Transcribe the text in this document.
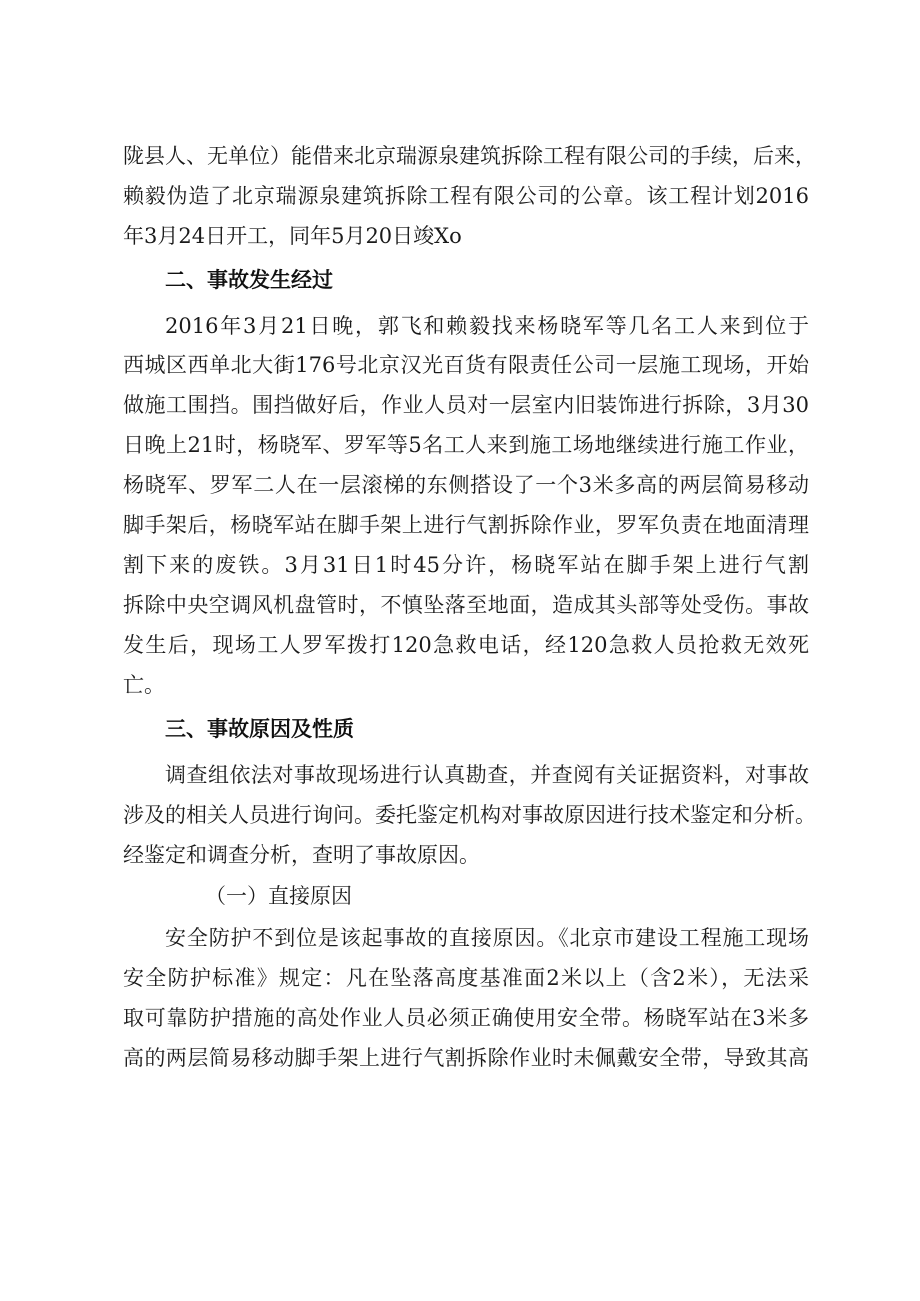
陇县人、无单位）能借来北京瑞源泉建筑拆除工程有限公司的手续，后来，

赖毅伪造了北京瑞源泉建筑拆除工程有限公司的公章。该工程计划2016

年3月24日开工，同年5月20日竣Xo

二、事故发生经过

2016年3月21日晚，郭飞和赖毅找来杨晓军等几名工人来到位于

西城区西单北大街176号北京汉光百货有限责任公司一层施工现场，开始

做施工围挡。围挡做好后，作业人员对一层室内旧装饰进行拆除，3月30

日晚上21时，杨晓军、罗军等5名工人来到施工场地继续进行施工作业，

杨晓军、罗军二人在一层滚梯的东侧搭设了一个3米多高的两层简易移动

脚手架后，杨晓军站在脚手架上进行气割拆除作业，罗军负责在地面清理

割下来的废铁。3月31日1时45分许，杨晓军站在脚手架上进行气割

拆除中央空调风机盘管时，不慎坠落至地面，造成其头部等处受伤。事故

发生后，现场工人罗军拨打120急救电话，经120急救人员抢救无效死

亡。

三、事故原因及性质

调查组依法对事故现场进行认真勘查，并查阅有关证据资料，对事故

涉及的相关人员进行询问。委托鉴定机构对事故原因进行技术鉴定和分析。

经鉴定和调查分析，查明了事故原因。

（一）直接原因

安全防护不到位是该起事故的直接原因。《北京市建设工程施工现场

安全防护标准》规定：凡在坠落高度基准面2米以上（含2米），无法采

取可靠防护措施的高处作业人员必须正确使用安全带。杨晓军站在3米多

高的两层简易移动脚手架上进行气割拆除作业时未佩戴安全带，导致其高
